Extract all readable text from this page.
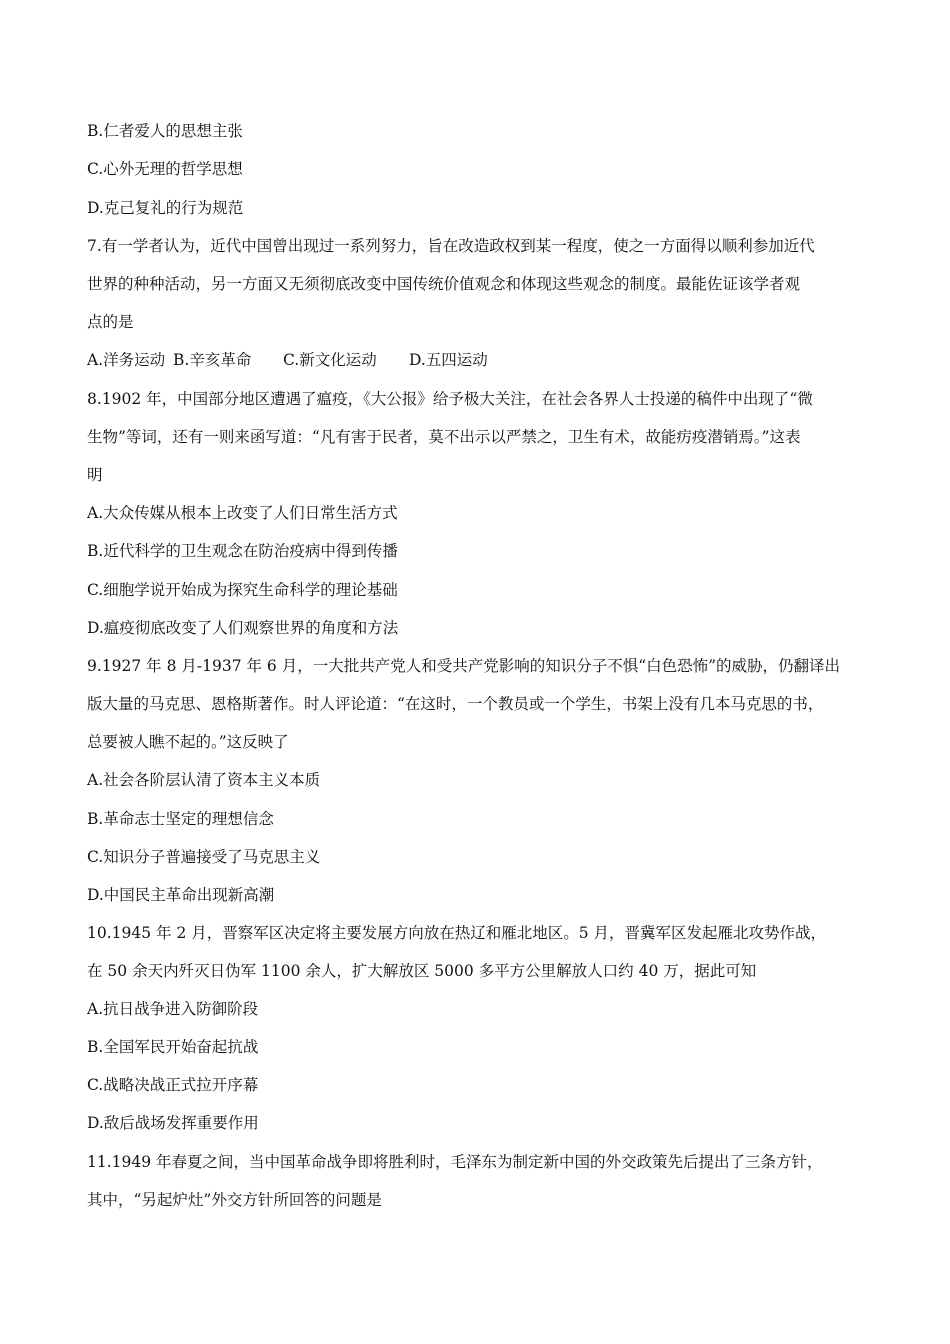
B.仁者爱人的思想主张
C.心外无理的哲学思想
D.克己复礼的行为规范
7.有一学者认为，近代中国曾出现过一系列努力，旨在改造政权到某一程度，使之一方面得以顺利参加近代
世界的种种活动，另一方面又无须彻底改变中国传统价值观念和体现这些观念的制度。最能佐证该学者观
点的是
A.洋务运动 B.辛亥革命 C.新文化运动 D.五四运动
8.1902 年，中国部分地区遭遇了瘟疫，《大公报》给予极大关注，在社会各界人士投递的稿件中出现了“微
生物”等词，还有一则来函写道：“凡有害于民者，莫不出示以严禁之，卫生有术，故能疠疫潜销焉。”这表
明
A.大众传媒从根本上改变了人们日常生活方式
B.近代科学的卫生观念在防治疫病中得到传播
C.细胞学说开始成为探究生命科学的理论基础
D.瘟疫彻底改变了人们观察世界的角度和方法
9.1927 年 8 月-1937 年 6 月，一大批共产党人和受共产党影响的知识分子不惧“白色恐怖”的威胁，仍翻译出
版大量的马克思、恩格斯著作。时人评论道：“在这时，一个教员或一个学生，书架上没有几本马克思的书，
总要被人瞧不起的。”这反映了
A.社会各阶层认清了资本主义本质
B.革命志士坚定的理想信念
C.知识分子普遍接受了马克思主义
D.中国民主革命出现新高潮
10.1945 年 2 月，晋察军区决定将主要发展方向放在热辽和雁北地区。5 月，晋冀军区发起雁北攻势作战，
在 50 余天内歼灭日伪军 1100 余人，扩大解放区 5000 多平方公里解放人口约 40 万，据此可知
A.抗日战争进入防御阶段
B.全国军民开始奋起抗战
C.战略决战正式拉开序幕
D.敌后战场发挥重要作用
11.1949 年春夏之间，当中国革命战争即将胜利时，毛泽东为制定新中国的外交政策先后提出了三条方针，
其中，“另起炉灶”外交方针所回答的问题是
